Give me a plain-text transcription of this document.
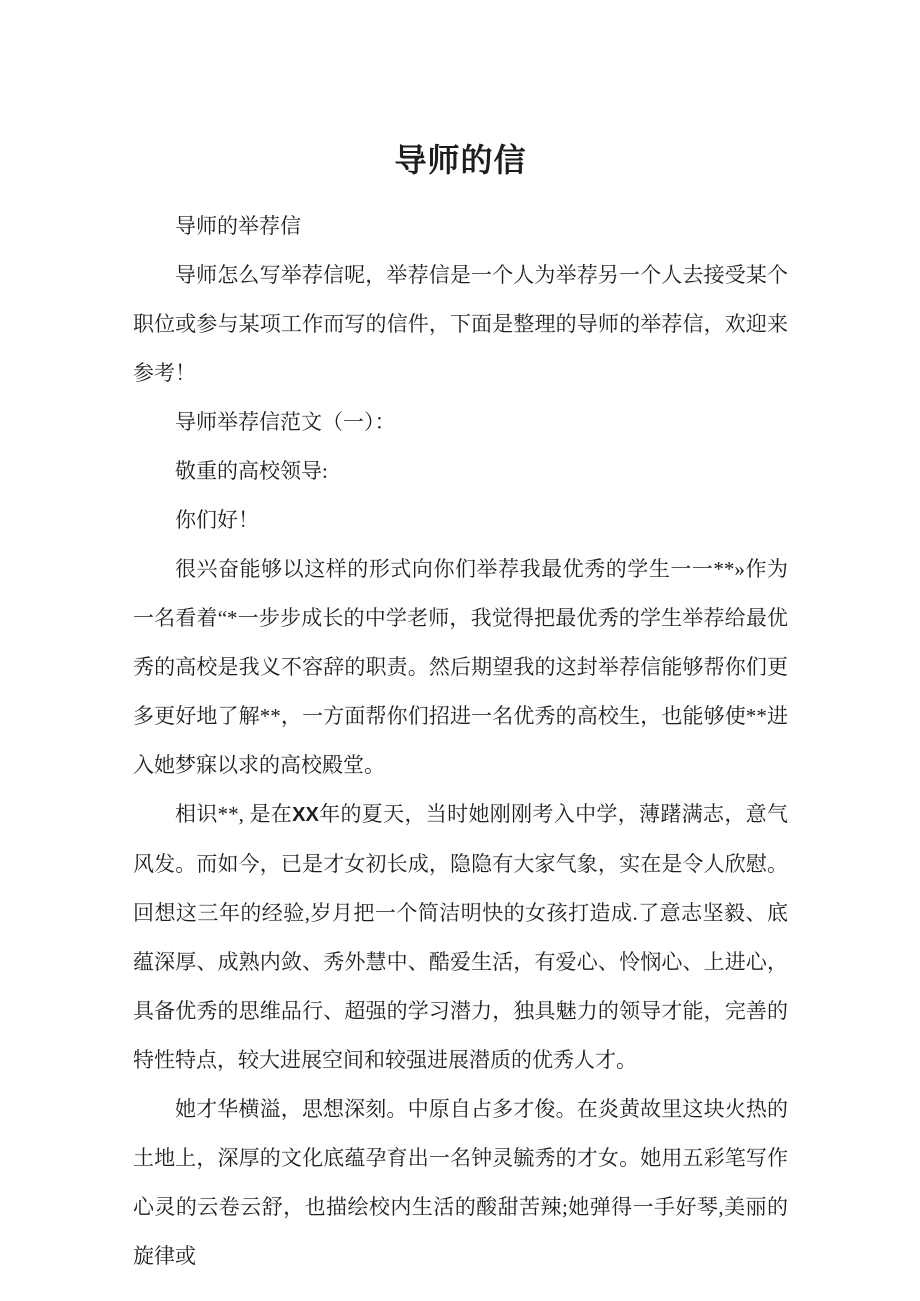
导师的信

导师的举荐信

导师怎么写举荐信呢，举荐信是一个人为举荐另一个人去接受某个职位或参与某项工作而写的信件，下面是整理的导师的举荐信，欢迎来参考！

导师举荐信范文（一）：

敬重的高校领导:

你们好！

很兴奋能够以这样的形式向你们举荐我最优秀的学生一一**»作为一名看着“*一步步成长的中学老师，我觉得把最优秀的学生举荐给最优秀的高校是我义不容辞的职责。然后期望我的这封举荐信能够帮你们更多更好地了解**，一方面帮你们招进一名优秀的高校生，也能够使**进入她梦寐以求的高校殿堂。

相识**, 是在XX年的夏天，当时她刚刚考入中学，薄躇满志，意气风发。而如今，已是才女初长成，隐隐有大家气象，实在是令人欣慰。回想这三年的经验,岁月把一个简洁明快的女孩打造成.了意志坚毅、底蕴深厚、成熟内敛、秀外慧中、酷爱生活，有爱心、怜悯心、上进心，具备优秀的思维品行、超强的学习潜力，独具魅力的领导才能，完善的特性特点，较大进展空间和较强进展潜质的优秀人才。

她才华横溢，思想深刻。中原自占多才俊。在炎黄故里这块火热的土地上，深厚的文化底蕴孕育出一名钟灵毓秀的才女。她用五彩笔写作心灵的云卷云舒，也描绘校内生活的酸甜苦辣;她弹得一手好琴,美丽的旋律或
